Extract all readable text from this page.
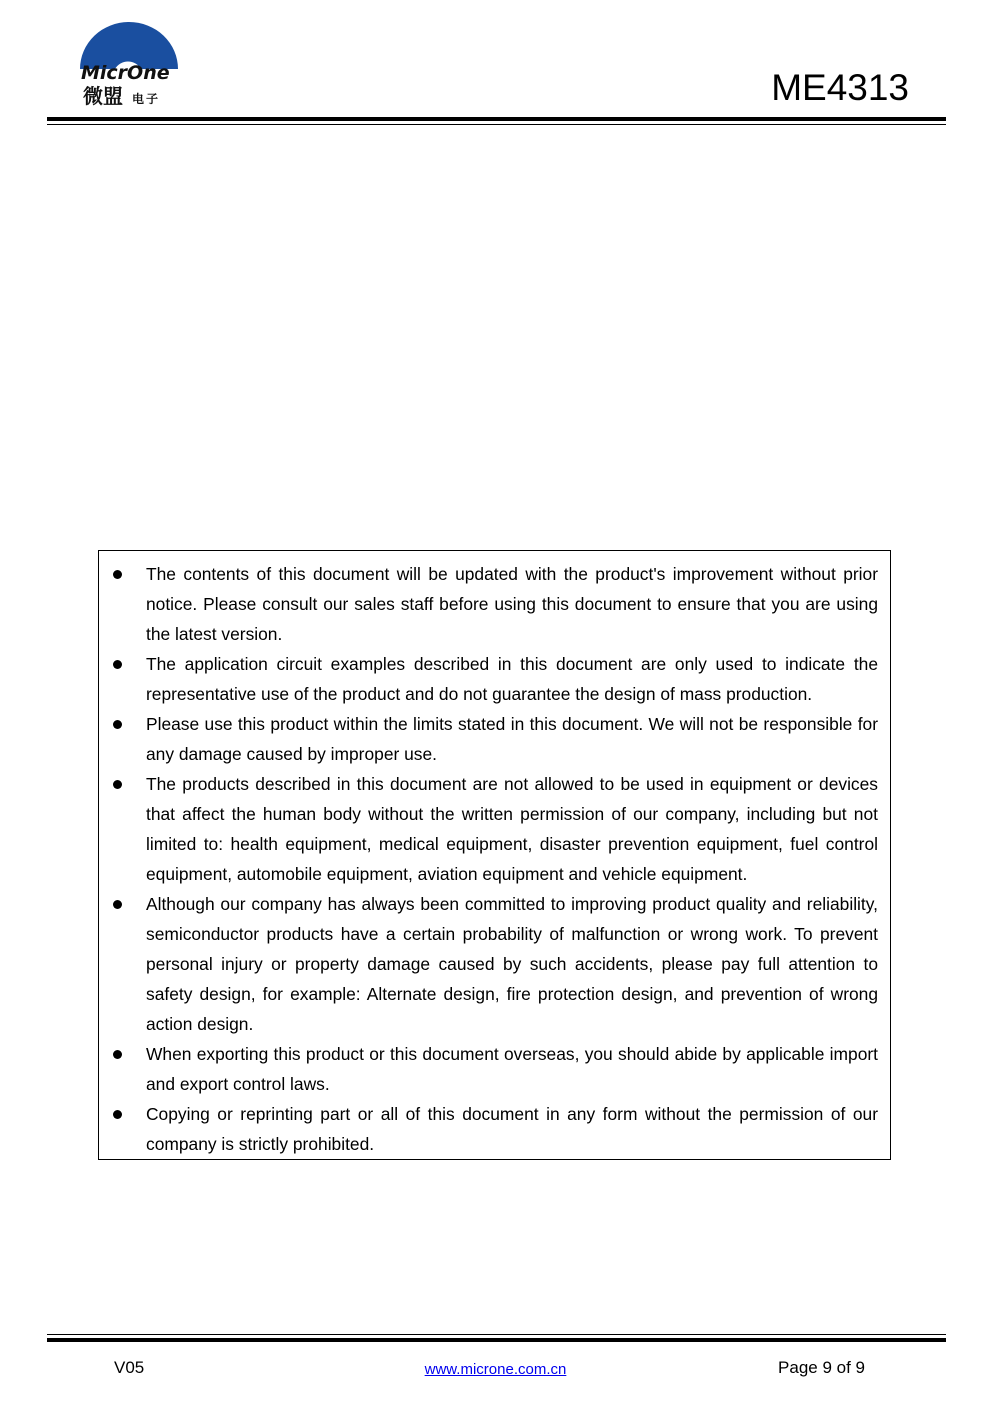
MicrOne
微盟 电子	ME4313
The contents of this document will be updated with the product's improvement without prior notice. Please consult our sales staff before using this document to ensure that you are using the latest version.
The application circuit examples described in this document are only used to indicate the representative use of the product and do not guarantee the design of mass production.
Please use this product within the limits stated in this document. We will not be responsible for any damage caused by improper use.
The products described in this document are not allowed to be used in equipment or devices that affect the human body without the written permission of our company, including but not limited to: health equipment, medical equipment, disaster prevention equipment, fuel control equipment, automobile equipment, aviation equipment and vehicle equipment.
Although our company has always been committed to improving product quality and reliability, semiconductor products have a certain probability of malfunction or wrong work. To prevent personal injury or property damage caused by such accidents, please pay full attention to safety design, for example: Alternate design, fire protection design, and prevention of wrong action design.
When exporting this product or this document overseas, you should abide by applicable import and export control laws.
Copying or reprinting part or all of this document in any form without the permission of our company is strictly prohibited.
V05	www.microne.com.cn	Page 9 of 9
